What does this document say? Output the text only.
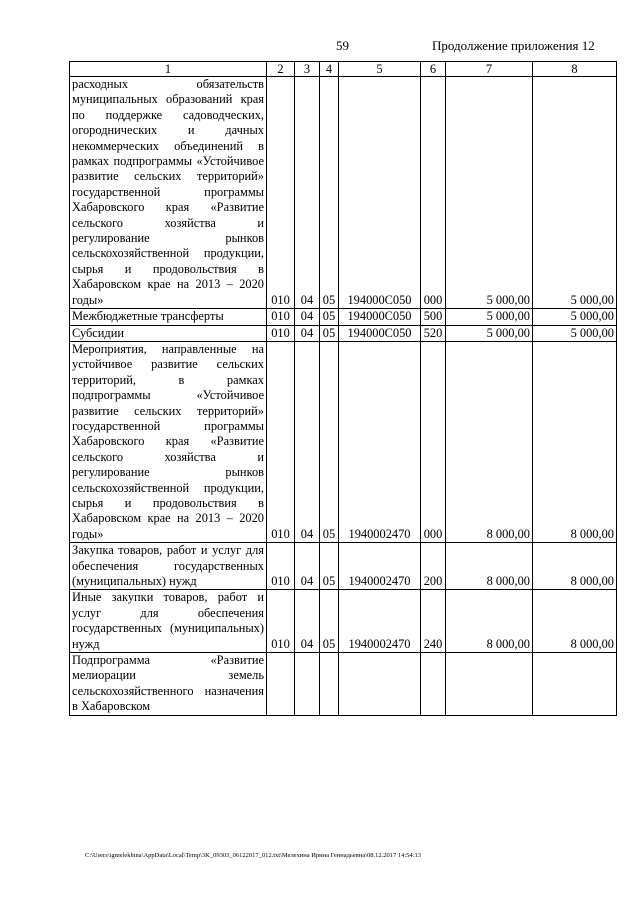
59	Продолжение приложения 12
1	2	3	4	5	6	7	8
расходных обязательств муниципальных образований края по поддержке садоводческих, огороднических и дачных некоммерческих объединений в рамках подпрограммы «Устойчивое развитие сельских территорий» государственной программы Хабаровского края «Развитие сельского хозяйства и регулирование рынков сельскохозяйственной продукции, сырья и продовольствия в Хабаровском крае на 2013 – 2020 годы»	010	04	05	194000С050	000	5 000,00	5 000,00
Межбюджетные трансферты	010	04	05	194000С050	500	5 000,00	5 000,00
Субсидии	010	04	05	194000С050	520	5 000,00	5 000,00
Мероприятия, направленные на устойчивое развитие сельских территорий, в рамках подпрограммы «Устойчивое развитие сельских территорий» государственной программы Хабаровского края «Развитие сельского хозяйства и регулирование рынков сельскохозяйственной продукции, сырья и продовольствия в Хабаровском крае на 2013 – 2020 годы»	010	04	05	1940002470	000	8 000,00	8 000,00
Закупка товаров, работ и услуг для обеспечения государственных (муниципальных) нужд	010	04	05	1940002470	200	8 000,00	8 000,00
Иные закупки товаров, работ и услуг для обеспечения государственных (муниципальных) нужд	010	04	05	1940002470	240	8 000,00	8 000,00
Подпрограмма «Развитие мелиорации земель сельскохозяйственного назначения в Хабаровском							
C:\Users\igmelekhina\AppData\Local\Temp\3K_09303_06122017_012.txt\Мелехина Ирина Геннадьевна\08.12.2017 14:54:13
